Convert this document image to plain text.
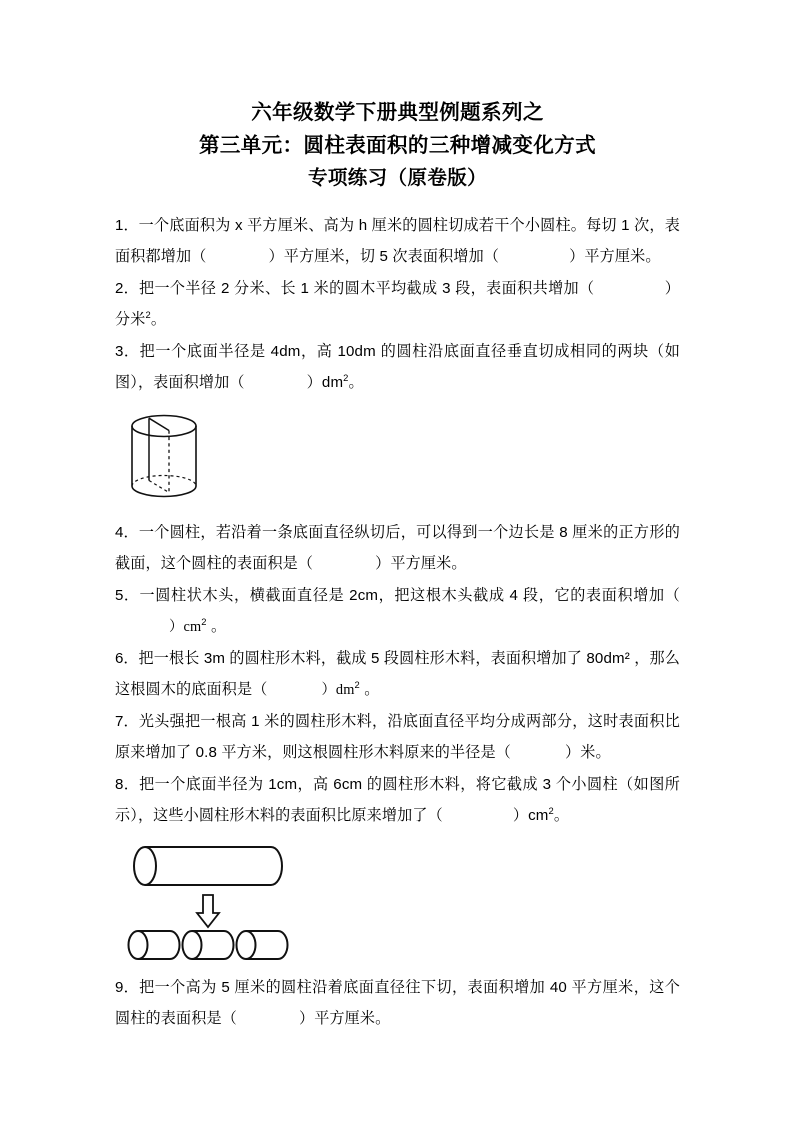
六年级数学下册典型例题系列之
第三单元：圆柱表面积的三种增减变化方式
专项练习（原卷版）

1．一个底面积为 x 平方厘米、高为 h 厘米的圆柱切成若干个小圆柱。每切 1 次，表面积都增加（	）平方厘米，切 5 次表面积增加（	）平方厘米。

2．把一个半径 2 分米、长 1 米的圆木平均截成 3 段，表面积共增加（	）分米$^2$。

3．把一个底面半径是 4dm，高 10dm 的圆柱沿底面直径垂直切成相同的两块（如图），表面积增加（	）$dm^2$。

4．一个圆柱，若沿着一条底面直径纵切后，可以得到一个边长是 8 厘米的正方形的截面，这个圆柱的表面积是（	）平方厘米。

5．一圆柱状木头，横截面直径是 2cm，把这根木头截成 4 段，它的表面积增加$()cm^2$ 。

6．把一根长 3m 的圆柱形木料，截成 5 段圆柱形木料，表面积增加了 80dm² ，那么这根圆木的底面积是（	）$dm^2$ 。

7．光头强把一根高 1 米的圆柱形木料，沿底面直径平均分成两部分，这时表面积比原来增加了 0.8 平方米，则这根圆柱形木料原来的半径是（	）米。

8．把一个底面半径为 1cm，高 6cm 的圆柱形木料，将它截成 3 个小圆柱（如图所示），这些小圆柱形木料的表面积比原来增加了（	）$cm^2$。

9．把一个高为 5 厘米的圆柱沿着底面直径往下切，表面积增加 40 平方厘米，这个圆柱的表面积是（	）平方厘米。
